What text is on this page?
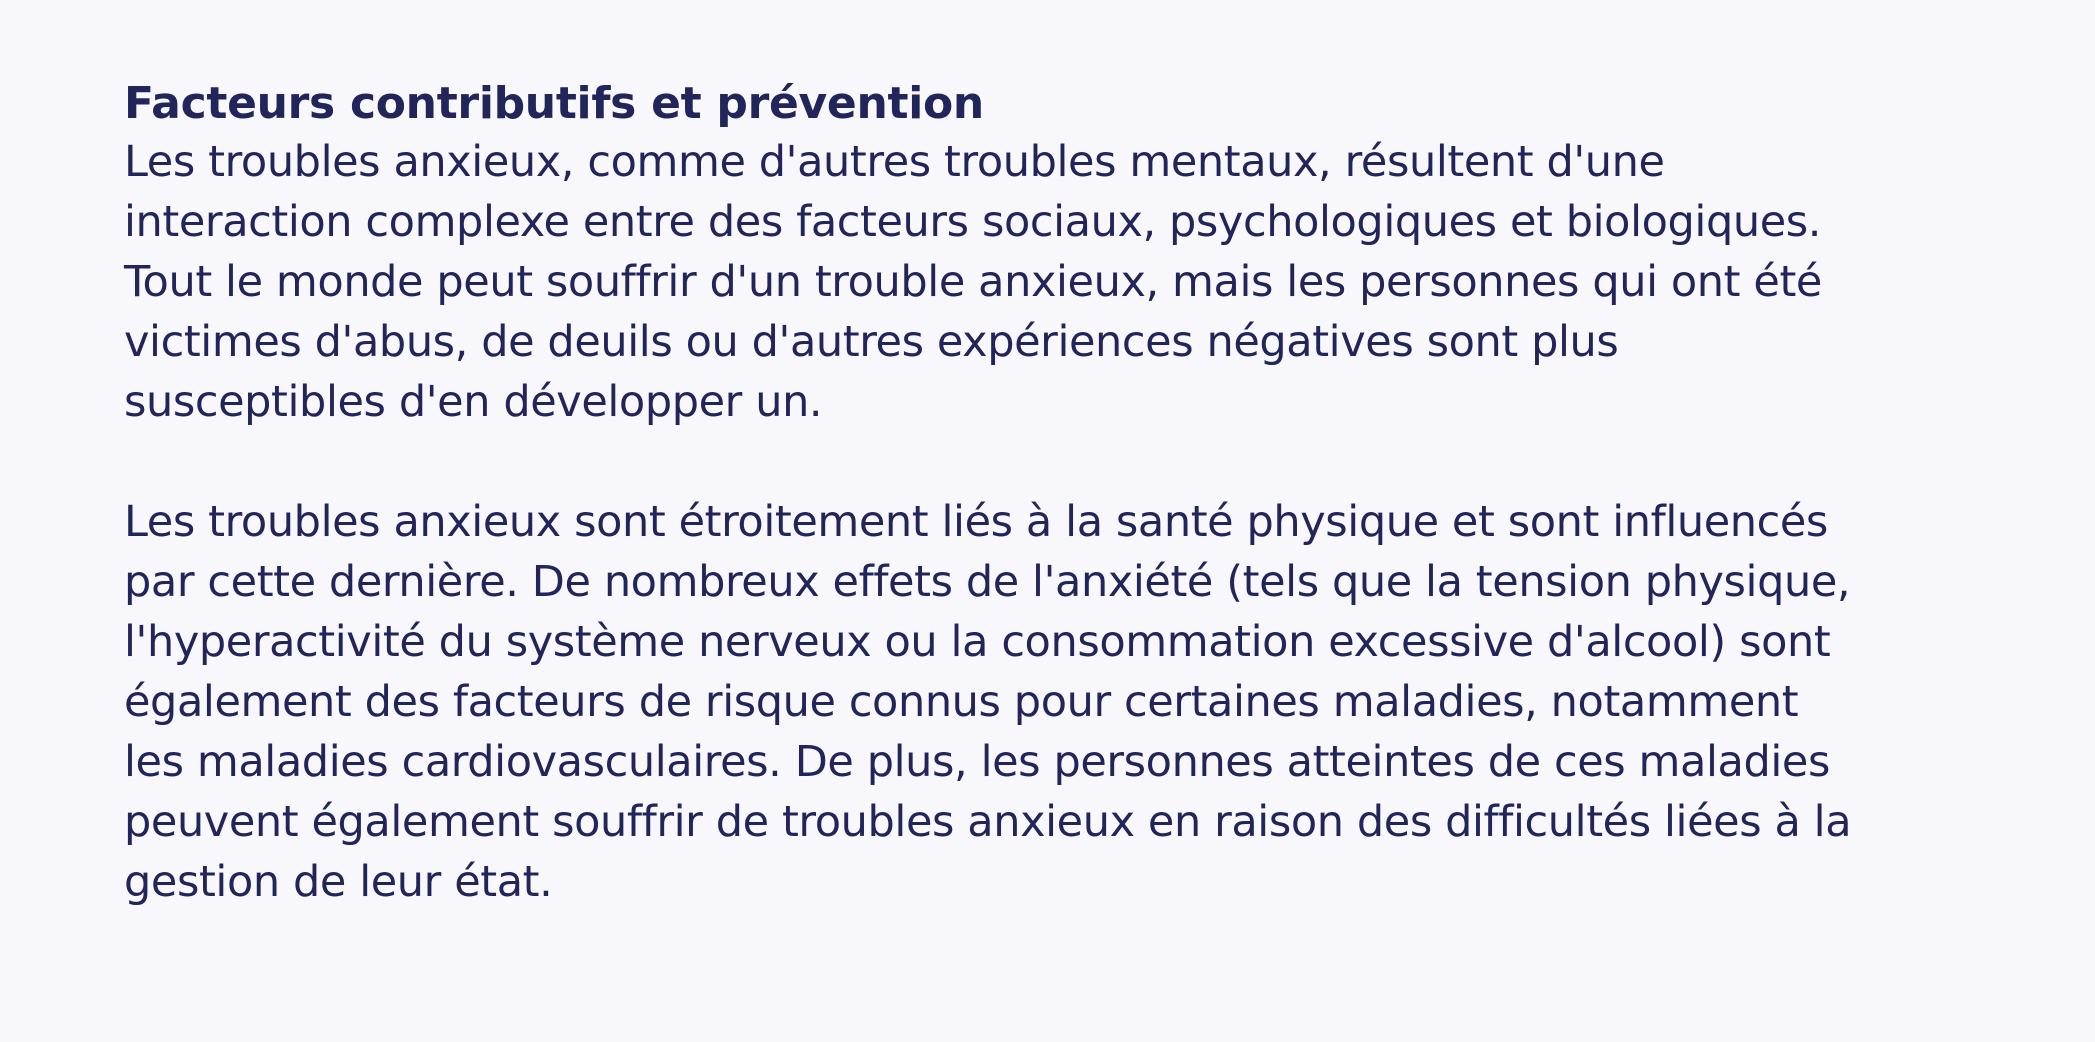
Facteurs contributifs et prévention

Les troubles anxieux, comme d'autres troubles mentaux, résultent d'une
interaction complexe entre des facteurs sociaux, psychologiques et biologiques.
Tout le monde peut souffrir d'un trouble anxieux, mais les personnes qui ont été
victimes d'abus, de deuils ou d'autres expériences négatives sont plus
susceptibles d'en développer un.

Les troubles anxieux sont étroitement liés à la santé physique et sont influencés
par cette dernière. De nombreux effets de l'anxiété (tels que la tension physique,
l'hyperactivité du système nerveux ou la consommation excessive d'alcool) sont
également des facteurs de risque connus pour certaines maladies, notamment
les maladies cardiovasculaires. De plus, les personnes atteintes de ces maladies
peuvent également souffrir de troubles anxieux en raison des difficultés liées à la
gestion de leur état.
